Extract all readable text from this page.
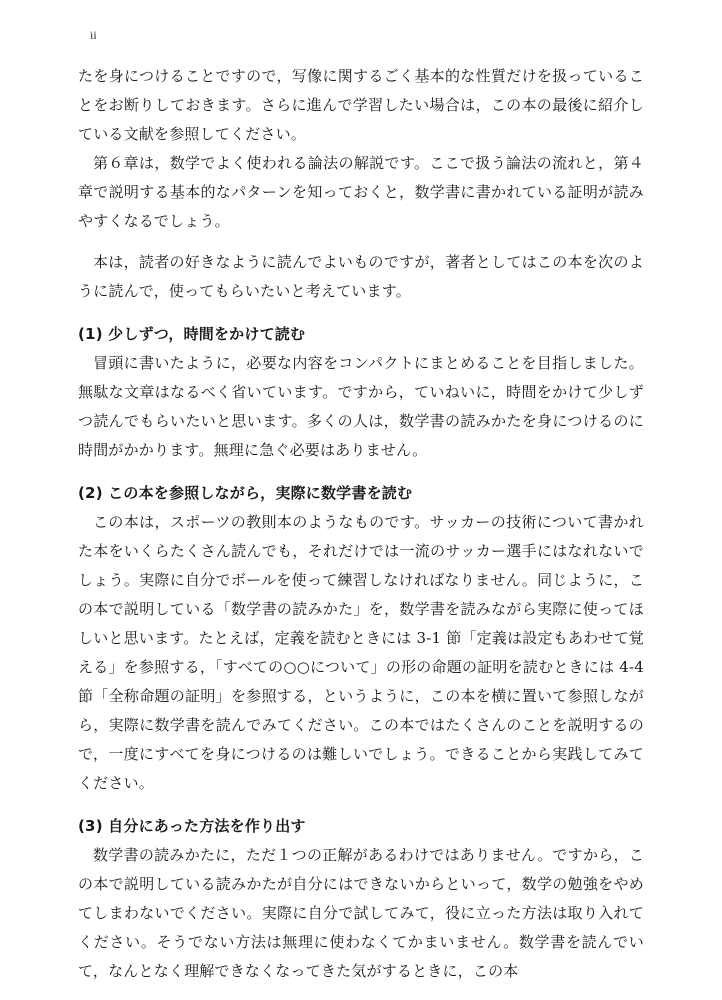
ii

たを身につけることですので，写像に関するごく基本的な性質だけを扱っていることをお断りしておきます。さらに進んで学習したい場合は，この本の最後に紹介している文献を参照してください。

第６章は，数学でよく使われる論法の解説です。ここで扱う論法の流れと，第４章で説明する基本的なパターンを知っておくと，数学書に書かれている証明が読みやすくなるでしょう。

本は，読者の好きなように読んでよいものですが，著者としてはこの本を次のように読んで，使ってもらいたいと考えています。

(1) 少しずつ，時間をかけて読む

冒頭に書いたように，必要な内容をコンパクトにまとめることを目指しました。無駄な文章はなるべく省いています。ですから，ていねいに，時間をかけて少しずつ読んでもらいたいと思います。多くの人は，数学書の読みかたを身につけるのに時間がかかります。無理に急ぐ必要はありません。

(2) この本を参照しながら，実際に数学書を読む

この本は，スポーツの教則本のようなものです。サッカーの技術について書かれた本をいくらたくさん読んでも，それだけでは一流のサッカー選手にはなれないでしょう。実際に自分でボールを使って練習しなければなりません。同じように，この本で説明している「数学書の読みかた」を，数学書を読みながら実際に使ってほしいと思います。たとえば，定義を読むときには 3-1 節「定義は設定もあわせて覚える」を参照する，「すべての○○について」の形の命題の証明を読むときには 4-4 節「全称命題の証明」を参照する，というように，この本を横に置いて参照しながら，実際に数学書を読んでみてください。この本ではたくさんのことを説明するので，一度にすべてを身につけるのは難しいでしょう。できることから実践してみてください。

(3) 自分にあった方法を作り出す

数学書の読みかたに，ただ１つの正解があるわけではありません。ですから，この本で説明している読みかたが自分にはできないからといって，数学の勉強をやめてしまわないでください。実際に自分で試してみて，役に立った方法は取り入れてください。そうでない方法は無理に使わなくてかまいません。数学書を読んでいて，なんとなく理解できなくなってきた気がするときに，この本
